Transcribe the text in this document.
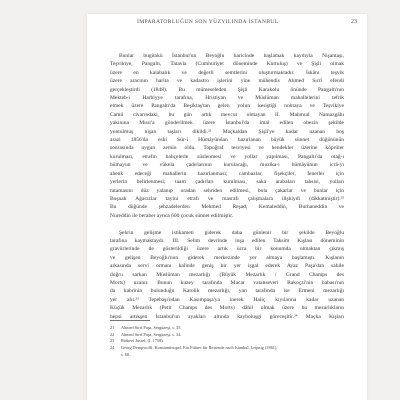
İMPARATORLUĞUN SON YÜZYILINDA İSTANBUL	23
Bunlar bugünkü İstanbul'un Beyoğlu haricinde başlamak kaydıyla Nişantaşı,
Teşvikiye, Pangaltı, Tatavla (Cumhuriyet döneminde Kurtuluş) ve Şişli olmak
üzere en kalabalık ve değerli semtlerini oluşturmaktadır. İskânı teşvik
üzere aracının harita ve kadastro işlerini yine mühendis Ahmed Sırrî efendi
gerçekleştirdi (1848). Bu mümeseleden Şişli Karakolu önünde Pangaltı'nın
Mekteb-i Harbiyye tarafına, Hristiyan ve Müslüman mahallelerini tefrik
etmek üzere Pangaltı'da Beşiktaş'tan gelen yolun kesiştiği noktaya ve Teşvikiye
Camii civarındaki, bu gün artık mevcut olmayan II. Mahmud Namazgâhı
yakınına Mısır'a gönderilmek üzere İstanbul'da imal edilen obezin şekilde
yontulmuş nişan taşları dikildi.²¹ Maçkaldan Şişli'ye kadar uzanan boş
arazi 1856'da eski Sür-i Hümâyûndan hazırlanan büyük sünnet düğününün
sonrasında uygun zemin oldu. Topoğraf tesviyesi ve hendekler üzerine köprüler
kurulması, etrafın bahçelerle süslenmesi ve yollar yapılması, Pangaltı'da otağ-ı
hümayun ve vükela çadırlarının kurulacağı, muzika-i hümâyûnun icrâ-yı
ahenk edeceği mahallerin hazırlanması; cambazlar, fişekçiler, fenerler için
yerlerin belirlenmesi; taam çadırları kurulması, saka arabaları tahsisi, yolları
tutamasını düz yalanıp oradan sehriden edilmesi, bola çakarlar ve bunlar için
Boşnak Ağacızlar tayini etrafı ve masrafı çalışmalara ilişkiydi (dikkatmiştir).²²
Bu düğünde şehzadelerden Mehmed Reşad, Kemaleddin, Burhaneddin ve
Nureddin ile beraber aynca 600 çocuk sünnet edilmiştir.
Şehrin gelişme istikameti giderek daha günlenir bir şekilde Beyoğlu
tarafına kaymaktaydı. III. Selim devrinde inşa edilen Taksim Kışlası döneminin
gravürlerinde de gösterildiği üzere artık ücra bir konumda olmaktan çıkmış
ve gelişen Beyoğlu'nun giderek merkezinde yer almaya başlamıştı. Kışlanın
arkasında servi ormanı halinde geniş bir yer işgal ederek Ayaz Paşa'dan sahile
doğru sarkan Müslüman mezarlığı (Büyük Mezarlık / Grand Champs des
Morts) uzanır. Bunun kuzey tarafında Macar vatanseveri Rakoçzi'nin babası'nın
da kabrinin bulunduğu Katolik mezarlığı, yan tarafında ise Ermeni mezarlığı
yer alır.²³ Tepebaşı'ndan Kasımpaşa'ya inerek Haliç kıyılarına kadar uzanan
Küçük Mezarlık (Petit Champs des Morts) dâhil olmak üzere bu mezarlıkların
hepsi artıkşen İstanbul'un ayakları altında kayboluşgi göreceşitir.²⁴ Maçka Kışları
21 Ahmed Sırrî Paşa, Sergüzeşt, s. 35.
22 Ahmed Sırrî Paşa, Sergüzeşt, s. 34.
23 Râikezi Jüssel, (I. 1758).
24 Georg Dempwolff, Konstantinopel, Ein Führer für Reisende nach Istanbul, Leipzig (1861),
s. 60.
